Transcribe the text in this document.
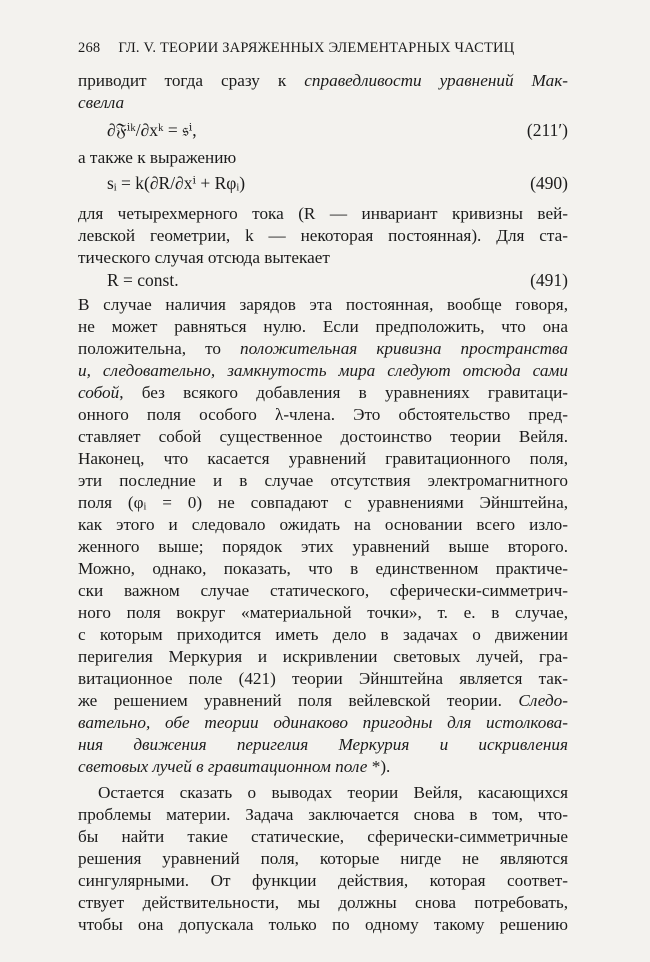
268 ГЛ. V. ТЕОРИИ ЗАРЯЖЕННЫХ ЭЛЕМЕНТАРНЫХ ЧАСТИЦ
приводит тогда сразу к справедливости уравнений Мак-
свелла
∂𝔉ⁱᵏ/∂xᵏ = 𝔰ⁱ,	(211′)
а также к выражению
sᵢ = k(∂R/∂xⁱ + Rφᵢ)	(490)
для четырехмерного тока (R — инвариант кривизны вей-
левской геометрии, k — некоторая постоянная). Для ста-
тического случая отсюда вытекает
R = const.	(491)
В случае наличия зарядов эта постоянная, вообще говоря,
не может равняться нулю. Если предположить, что она
положительна, то положительная кривизна пространства
и, следовательно, замкнутость мира следуют отсюда сами
собой, без всякого добавления в уравнениях гравитаци-
онного поля особого λ-члена. Это обстоятельство пред-
ставляет собой существенное достоинство теории Вейля.
Наконец, что касается уравнений гравитационного поля,
эти последние и в случае отсутствия электромагнитного
поля (φᵢ = 0) не совпадают с уравнениями Эйнштейна,
как этого и следовало ожидать на основании всего изло-
женного выше; порядок этих уравнений выше второго.
Можно, однако, показать, что в единственном практиче-
ски важном случае статического, сферически-симметрич-
ного поля вокруг «материальной точки», т. е. в случае,
с которым приходится иметь дело в задачах о движении
перигелия Меркурия и искривлении световых лучей, гра-
витационное поле (421) теории Эйнштейна является так-
же решением уравнений поля вейлевской теории. Следо-
вательно, обе теории одинаково пригодны для истолкова-
ния движения перигелия Меркурия и искривления
световых лучей в гравитационном поле *).
Остается сказать о выводах теории Вейля, касающихся
проблемы материи. Задача заключается снова в том, что-
бы найти такие статические, сферически-симметричные
решения уравнений поля, которые нигде не являются
сингулярными. От функции действия, которая соответ-
ствует действительности, мы должны снова потребовать,
чтобы она допускала только по одному такому решению
